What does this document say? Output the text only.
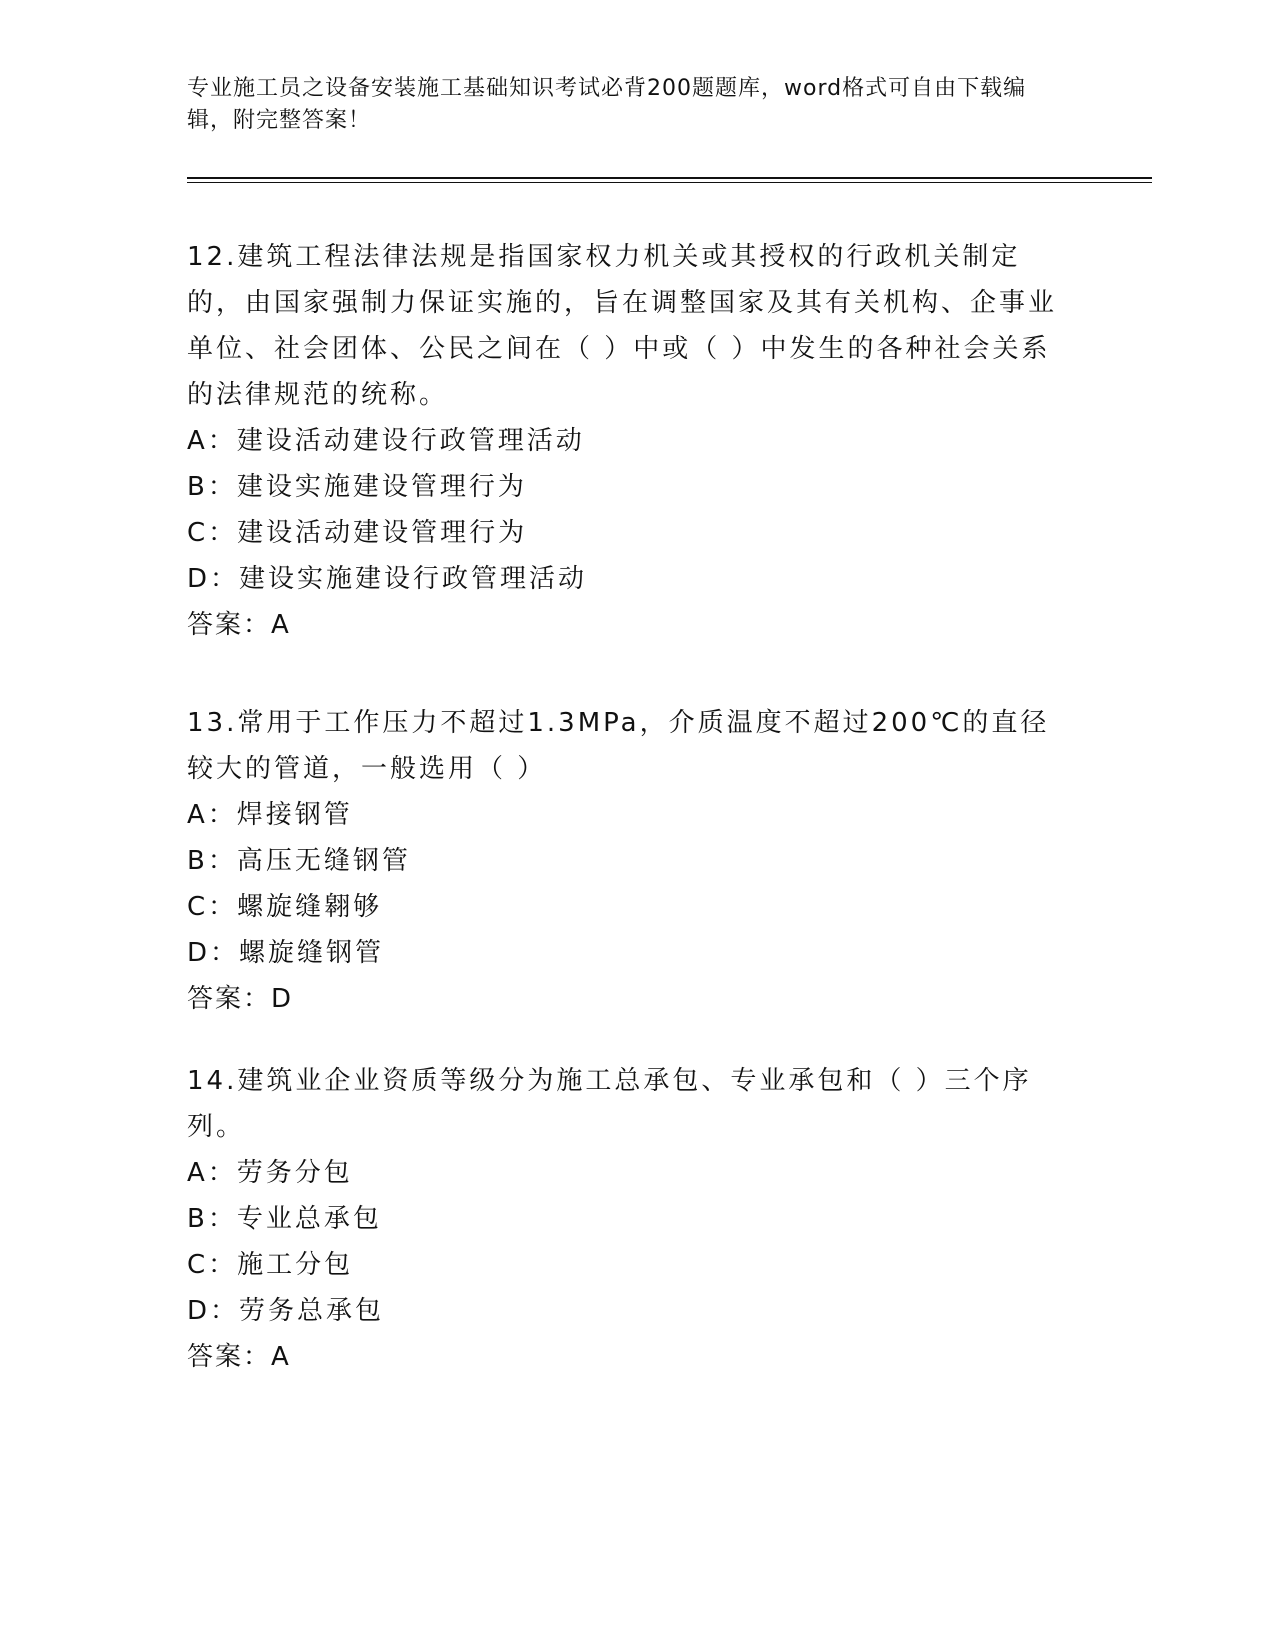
专业施工员之设备安装施工基础知识考试必背200题题库，word格式可自由下载编辑，附完整答案！

12.建筑工程法律法规是指国家权力机关或其授权的行政机关制定的，由国家强制力保证实施的，旨在调整国家及其有关机构、企事业单位、社会团体、公民之间在（ ）中或（ ）中发生的各种社会关系的法律规范的统称。

A：建设活动建设行政管理活动

B：建设实施建设管理行为

C：建设活动建设管理行为

D：建设实施建设行政管理活动

答案：A

13.常用于工作压力不超过1.3MPa，介质温度不超过200℃的直径较大的管道，一般选用（ ）

A：焊接钢管

B：高压无缝钢管

C：螺旋缝翱够

D：螺旋缝钢管

答案：D

14.建筑业企业资质等级分为施工总承包、专业承包和（ ）三个序列。

A：劳务分包

B：专业总承包

C：施工分包

D：劳务总承包

答案：A
